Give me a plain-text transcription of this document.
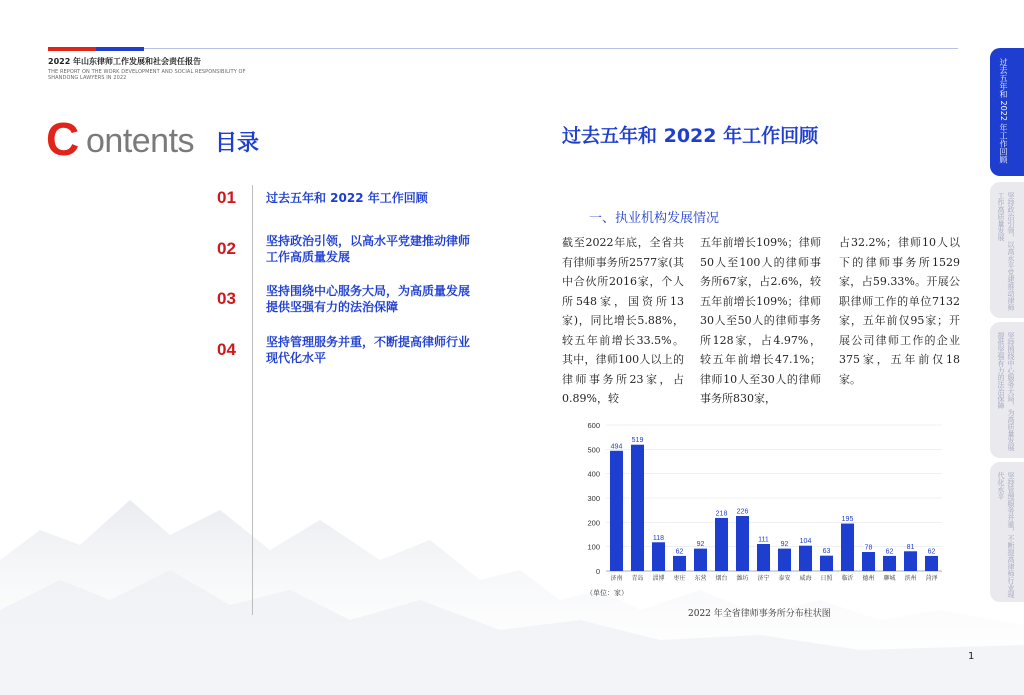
2022 年山东律师工作发展和社会责任报告
THE REPORT ON THE WORK DEVELOPMENT AND SOCIAL RESPONSIBILITY OF SHANDONG LAWYERS IN 2022
C ontents 目录
01	过去五年和 2022 年工作回顾
02	坚持政治引领，以高水平党建推动律师工作高质量发展
03	坚持围绕中心服务大局，为高质量发展提供坚强有力的法治保障
04	坚持管理服务并重，不断提高律师行业现代化水平
过去五年和 2022 年工作回顾
一、执业机构发展情况
截至2022年底，全省共有律师事务所2577家(其中合伙所2016家，个人所548家，国资所13家)，同比增长5.88%，较五年前增长33.5%。其中，律师100人以上的律师事务所23家，占0.89%，较
五年前增长109%；律师50人至100人的律师事务所67家，占2.6%，较五年前增长109%；律师30人至50人的律师事务所128家，占4.97%，较五年前增长47.1%；律师10人至30人的律师事务所830家，
占32.2%；律师10人以下的律师事务所1529家，占59.33%。开展公职律师工作的单位7132家，五年前仅95家；开展公司律师工作的企业375家，五年前仅18家。
0
100
200
300
400
500
600
494
济南
519
青岛
118
淄博
62
枣庄
92
东营
218
烟台
226
潍坊
111
济宁
92
泰安
104
威海
63
日照
195
临沂
78
德州
62
聊城
81
滨州
62
菏泽
（单位：家）
2022 年全省律师事务所分布柱状图
过去五年和 2022 年工作回顾
坚持政治引领，以高水平党建推动律师工作高质量发展
坚持围绕中心服务大局，为高质量发展提供坚强有力的法治保障
坚持管理服务并重，不断提高律师行业现代化水平
1
